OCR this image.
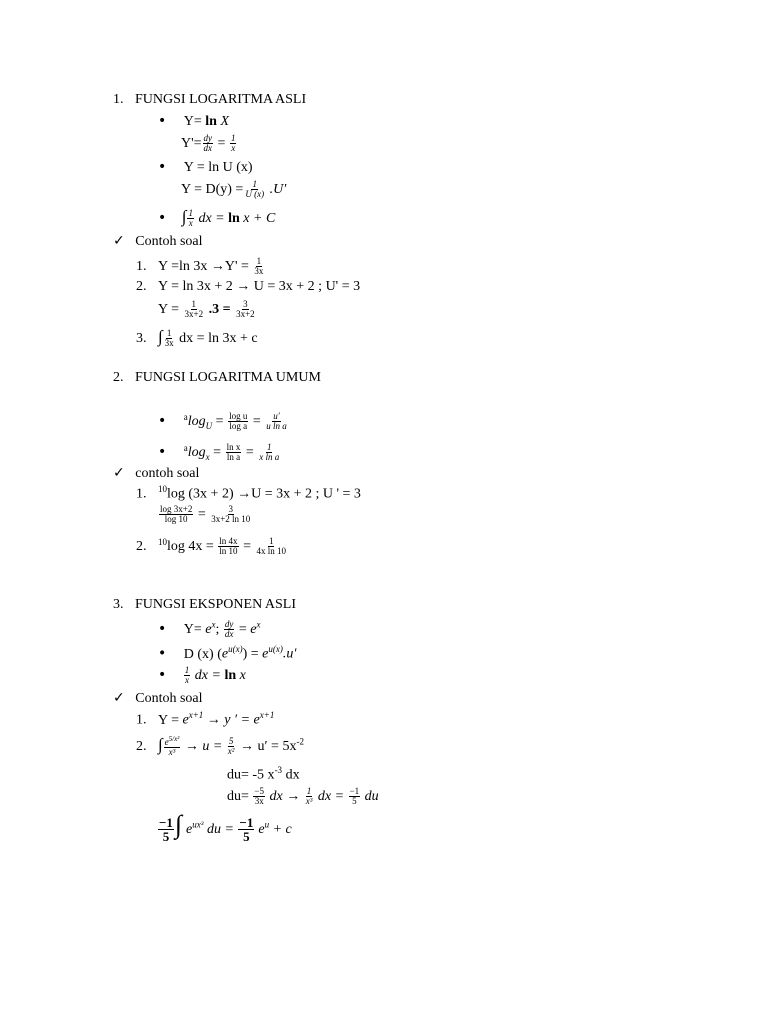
1. FUNGSI LOGARITMA ASLI
• Y= ln X
$Y'= \frac{dy}{dx} = \frac{1}{x}$
• Y = ln U (x)
$Y = D(y) = \frac{1}{U (x)} .U'$
• ∫ $\frac{1}{x}$ dx = ln x + C
✓ Contoh soal
1. Y =ln $3x \to Y' = \frac{1}{3x}$
2. Y = ln 3x + 2 → U = 3x + 2 ; U' = 3
$Y = \frac{1}{3x+2} .3 = \frac{3}{3x+2}$
3. ∫ $\frac{1}{3x}$ dx = ln 3x + c
2. FUNGSI LOGARITMA UMUM
• $^a\log_U = \frac{\text{log u}}{\text{log a}} = \frac{u'}{\text{u ln a}}$
• $^a\log_x = \frac{\text{ln x}}{\text{ln a}} = \frac{1}{\text{x ln a}}$
✓ contoh soal
1. $^{10}$log (3x + 2) →U = 3x + 2 ; U ' = 3
$\frac{\log 3x+2}{\log 10} = \frac{3}{3x+2 \ln 10}$
2. $^{10}$log $4x = \frac{\ln 4x}{\ln 10} = \frac{1}{\text{4x ln 10}}$
3. FUNGSI EKSPONEN ASLI
• $Y= e^x$; $\frac{dy}{dx} = e^x$
• D (x) $(e^{u(x)}) = e^{u(x)}.u'$
• $\frac{1}{x}$ dx = ln x
✓ Contoh soal
1. $Y = e^{x+1} \to y$ ′ = $e^{x+1}$
2. ∫ $\frac{e^{5/x^2}}{\text{x³}} \to u = \frac{5}{\text{x²}} \to u' = 5x^{-2}$
du= -5 $x^{-3}$ dx
$du= \frac{-5}{3x}$ dx → $\frac{1}{\text{x³}}$ dx = $\frac{-1}{5}$ du
$\frac{-1}{5}$ ∫ $e^{ux^3}$ du = $\frac{-1}{5} e^u + c$
